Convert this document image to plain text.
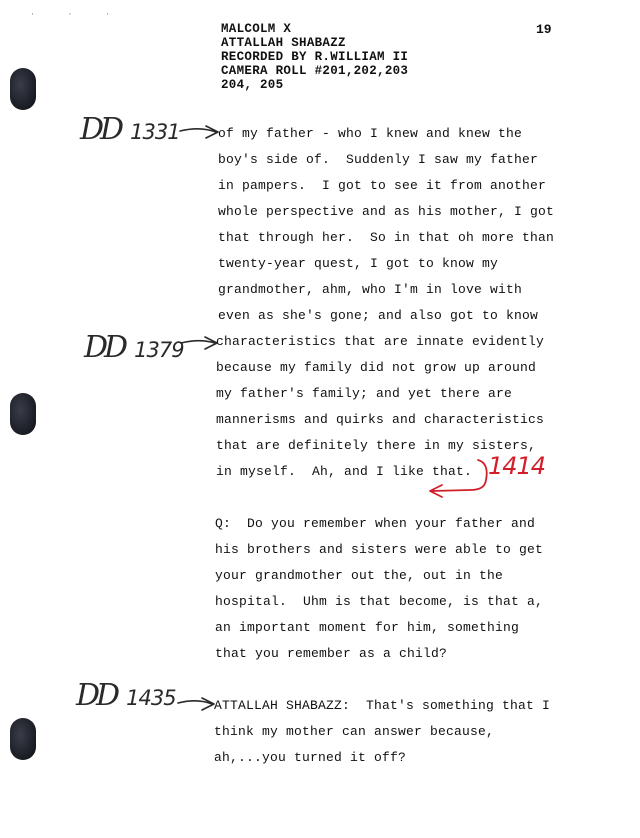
· · ·
MALCOLM X
ATTALLAH SHABAZZ
RECORDED BY R.WILLIAM II
CAMERA ROLL #201,202,203
204, 205
19
of my father - who I knew and knew the
boy's side of.  Suddenly I saw my father
in pampers.  I got to see it from another
whole perspective and as his mother, I got
that through her.  So in that oh more than
twenty-year quest, I got to know my
grandmother, ahm, who I'm in love with
even as she's gone; and also got to know
characteristics that are innate evidently
because my family did not grow up around
my father's family; and yet there are
mannerisms and quirks and characteristics
that are definitely there in my sisters,
in myself.  Ah, and I like that.
Q:  Do you remember when your father and
his brothers and sisters were able to get
your grandmother out the, out in the
hospital.  Uhm is that become, is that a,
an important moment for him, something
that you remember as a child?
ATTALLAH SHABAZZ:  That's something that I
think my mother can answer because,
ah,...you turned it off?
DD 1331
DD 1379
DD 1435
1414
